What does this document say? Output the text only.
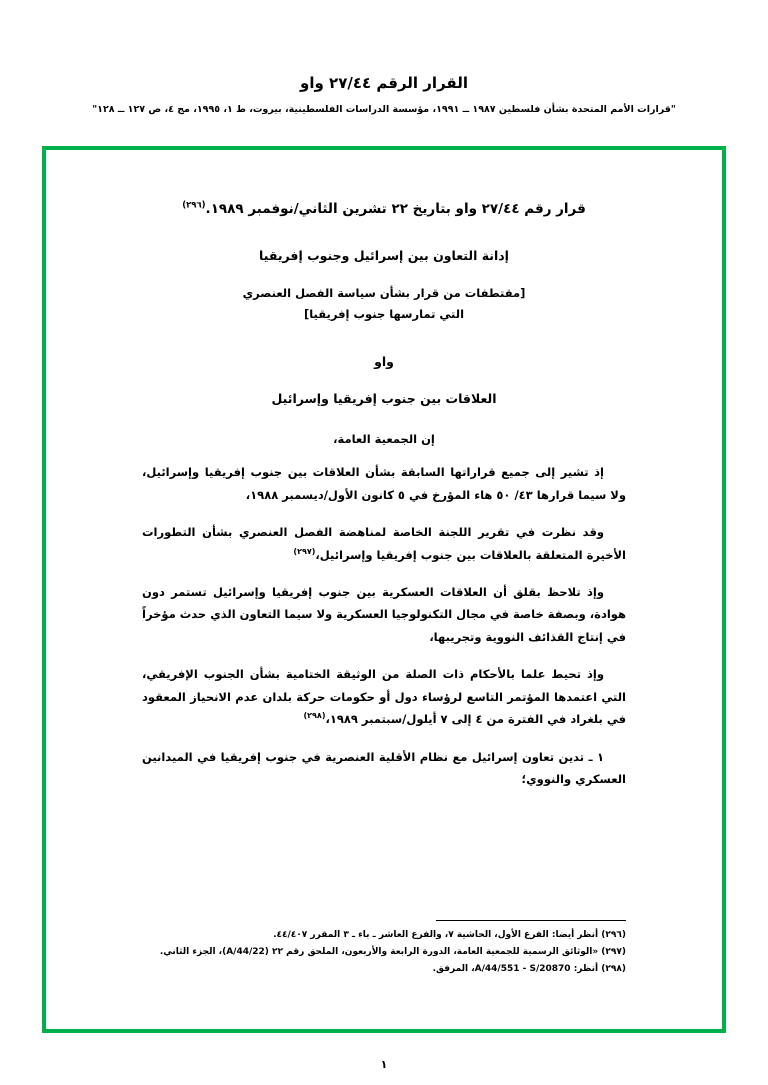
القرار الرقم ٢٧/٤٤ واو
"قرارات الأمم المتحدة بشأن فلسطين ١٩٨٧ ــ ١٩٩١، مؤسسة الدراسات الفلسطينية، بيروت، ط ١، ١٩٩٥، مج ٤، ص ١٢٧ ــ ١٢٨"
قرار رقم ٢٧/٤٤ واو بتاريخ ٢٢ تشرين الثاني/نوفمبر ١٩٨٩.$^{(٢٩٦)}$
إدانة التعاون بين إسرائيل وجنوب إفريقيا
[مقتطفات من قرار بشأن سياسة الفصل العنصري
التي تمارسها جنوب إفريقيا]
واو
العلاقات بين جنوب إفريقيا وإسرائيل
إن الجمعية العامة،
إذ تشير إلى جميع قراراتها السابقة بشأن العلاقات بين جنوب إفريقيا وإسرائيل، ولا سيما قرارها ٤٣/ ٥٠ هاء المؤرخ في ٥ كانون الأول/ديسمبر ١٩٨٨،
وقد نظرت في تقرير اللجنة الخاصة لمناهضة الفصل العنصري بشأن التطورات الأخيرة المتعلقة بالعلاقات بين جنوب إفريقيا وإسرائيل،$^{(٢٩٧)}$
وإذ تلاحظ بقلق أن العلاقات العسكرية بين جنوب إفريقيا وإسرائيل تستمر دون هوادة، وبصفة خاصة في مجال التكنولوجيا العسكرية ولا سيما التعاون الذي حدث مؤخراً في إنتاج القذائف النووية وتجريبها،
وإذ تحيط علما بالأحكام ذات الصلة من الوثيقة الختامية بشأن الجنوب الإفريقي، التي اعتمدها المؤتمر التاسع لرؤساء دول أو حكومات حركة بلدان عدم الانحياز المعقود في بلغراد في الفترة من ٤ إلى ٧ أيلول/سبتمبر ١٩٨٩،$^{(٢٩٨)}$
١ ـ تدين تعاون إسرائيل مع نظام الأقلية العنصرية في جنوب إفريقيا في الميدانين العسكري والنووي؛
(٢٩٦) أنظر أيضا: الفرع الأول، الحاشية ٧، والفرع العاشر ـ باء ـ ٣ المقرر ٤٤/٤٠٧.
(٢٩٧) «الوثائق الرسمية للجمعية العامة، الدورة الرابعة والأربعون، الملحق رقم ٢٢ (A/44/22)، الجزء الثاني.
(٢٩٨) أنظر: A/44/551 - S/20870، المرفق.
١
